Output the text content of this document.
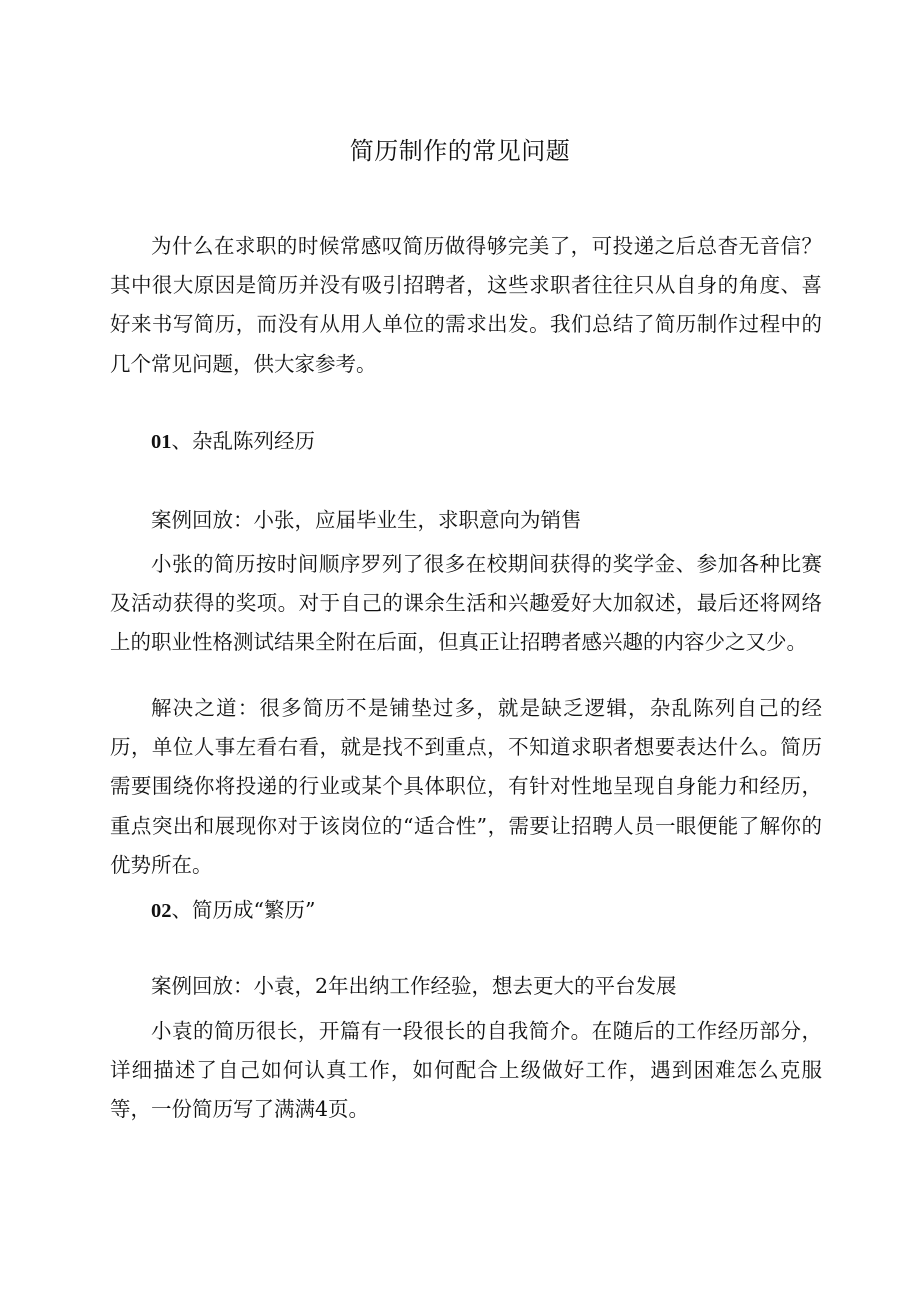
简历制作的常见问题

为什么在求职的时候常感叹简历做得够完美了，可投递之后总杳无音信？其中很大原因是简历并没有吸引招聘者，这些求职者往往只从自身的角度、喜好来书写简历，而没有从用人单位的需求出发。我们总结了简历制作过程中的几个常见问题，供大家参考。

01、杂乱陈列经历

案例回放：小张，应届毕业生，求职意向为销售

小张的简历按时间顺序罗列了很多在校期间获得的奖学金、参加各种比赛及活动获得的奖项。对于自己的课余生活和兴趣爱好大加叙述，最后还将网络上的职业性格测试结果全附在后面，但真正让招聘者感兴趣的内容少之又少。

解决之道：很多简历不是铺垫过多，就是缺乏逻辑，杂乱陈列自己的经历，单位人事左看右看，就是找不到重点，不知道求职者想要表达什么。简历需要围绕你将投递的行业或某个具体职位，有针对性地呈现自身能力和经历，重点突出和展现你对于该岗位的“适合性”，需要让招聘人员一眼便能了解你的优势所在。

02、简历成“繁历”

案例回放：小袁，2年出纳工作经验，想去更大的平台发展

小袁的简历很长，开篇有一段很长的自我简介。在随后的工作经历部分，详细描述了自己如何认真工作，如何配合上级做好工作，遇到困难怎么克服等，一份简历写了满满4页。
